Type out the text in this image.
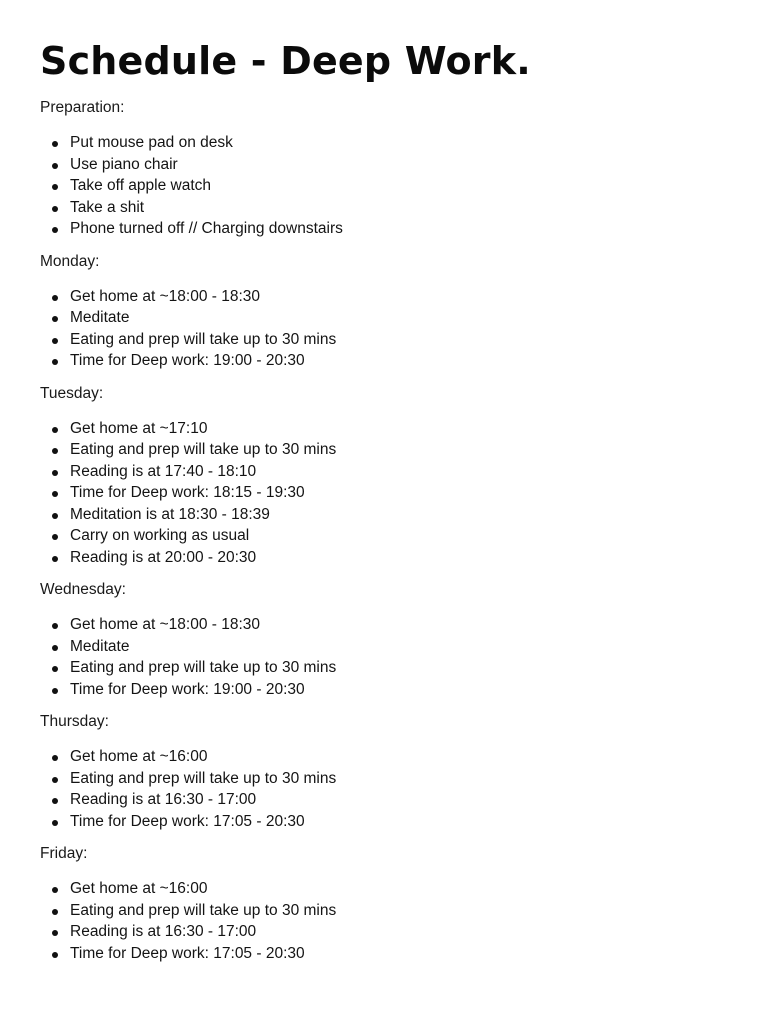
Schedule - Deep Work.

Preparation:

Put mouse pad on desk
Use piano chair
Take off apple watch
Take a shit
Phone turned off // Charging downstairs

Monday:

Get home at ~18:00 - 18:30
Meditate
Eating and prep will take up to 30 mins
Time for Deep work: 19:00 - 20:30

Tuesday:

Get home at ~17:10
Eating and prep will take up to 30 mins
Reading is at 17:40 - 18:10
Time for Deep work: 18:15 - 19:30
Meditation is at 18:30 - 18:39
Carry on working as usual
Reading is at 20:00 - 20:30

Wednesday:

Get home at ~18:00 - 18:30
Meditate
Eating and prep will take up to 30 mins
Time for Deep work: 19:00 - 20:30

Thursday:

Get home at ~16:00
Eating and prep will take up to 30 mins
Reading is at 16:30 - 17:00
Time for Deep work: 17:05 - 20:30

Friday:

Get home at ~16:00
Eating and prep will take up to 30 mins
Reading is at 16:30 - 17:00
Time for Deep work: 17:05 - 20:30
